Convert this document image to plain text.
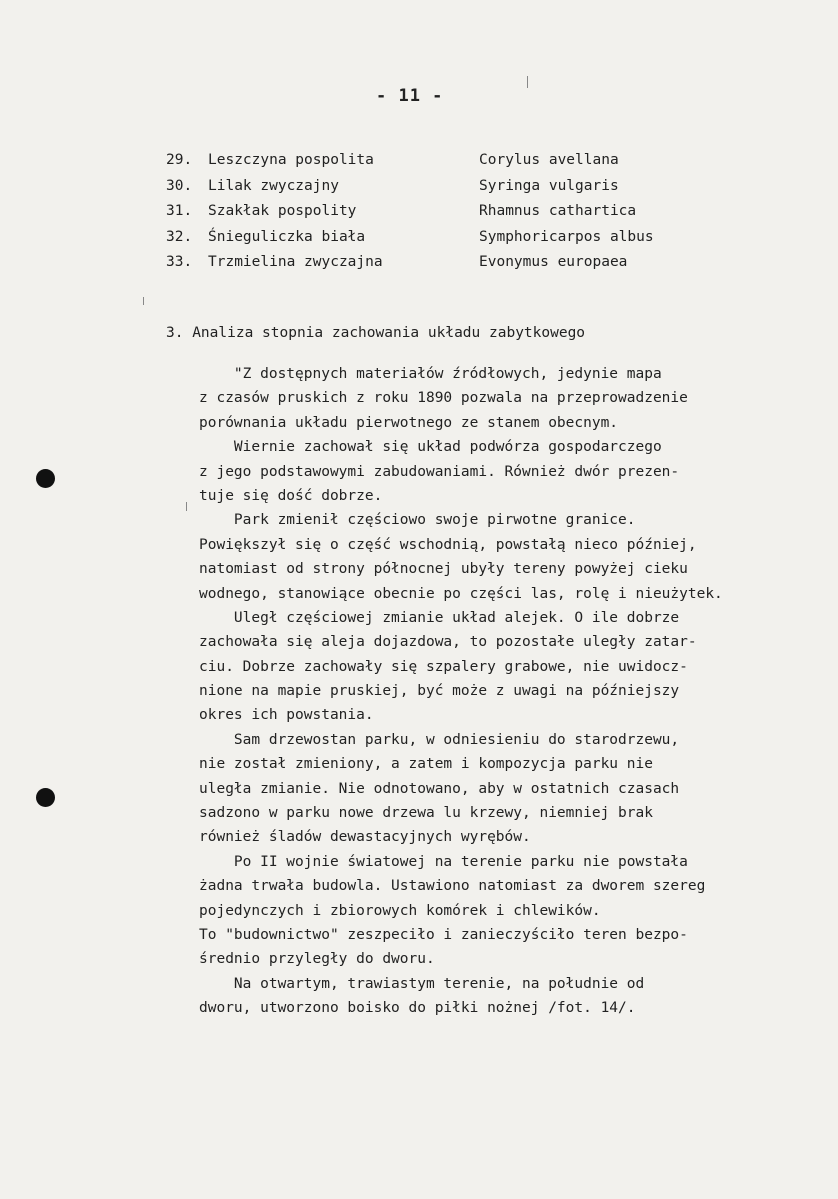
- 11 -
29. Leszczyna pospolita	Corylus avellana
30. Lilak zwyczajny	Syringa vulgaris
31. Szakłak pospolity	Rhamnus cathartica
32. Śnieguliczka biała	Symphoricarpos albus
33. Trzmielina zwyczajna	Evonymus europaea
3. Analiza stopnia zachowania układu zabytkowego
"Z dostępnych materiałów źródłowych, jedynie mapa
z czasów pruskich z roku 1890 pozwala na przeprowadzenie
porównania układu pierwotnego ze stanem obecnym.
Wiernie zachował się układ podwórza gospodarczego
z jego podstawowymi zabudowaniami. Również dwór prezen-
tuje się dość dobrze.
Park zmienił częściowo swoje pirwotne granice.
Powiększył się o część wschodnią, powstałą nieco później,
natomiast od strony północnej ubyły tereny powyżej cieku
wodnego, stanowiące obecnie po części las, rolę i nieużytek.
Uległ częściowej zmianie układ alejek. O ile dobrze
zachowała się aleja dojazdowa, to pozostałe uległy zatar-
ciu. Dobrze zachowały się szpalery grabowe, nie uwidocz-
nione na mapie pruskiej, być może z uwagi na późniejszy
okres ich powstania.
Sam drzewostan parku, w odniesieniu do starodrzewu,
nie został zmieniony, a zatem i kompozycja parku nie
uległa zmianie. Nie odnotowano, aby w ostatnich czasach
sadzono w parku nowe drzewa lu krzewy, niemniej brak
również śladów dewastacyjnych wyrębów.
Po II wojnie światowej na terenie parku nie powstała
żadna trwała budowla. Ustawiono natomiast za dworem szereg
pojedynczych i zbiorowych komórek i chlewików.
To "budownictwo" zeszpeciło i zanieczyściło teren bezpo-
średnio przyległy do dworu.
Na otwartym, trawiastym terenie, na południe od
dworu, utworzono boisko do piłki nożnej /fot. 14/.
